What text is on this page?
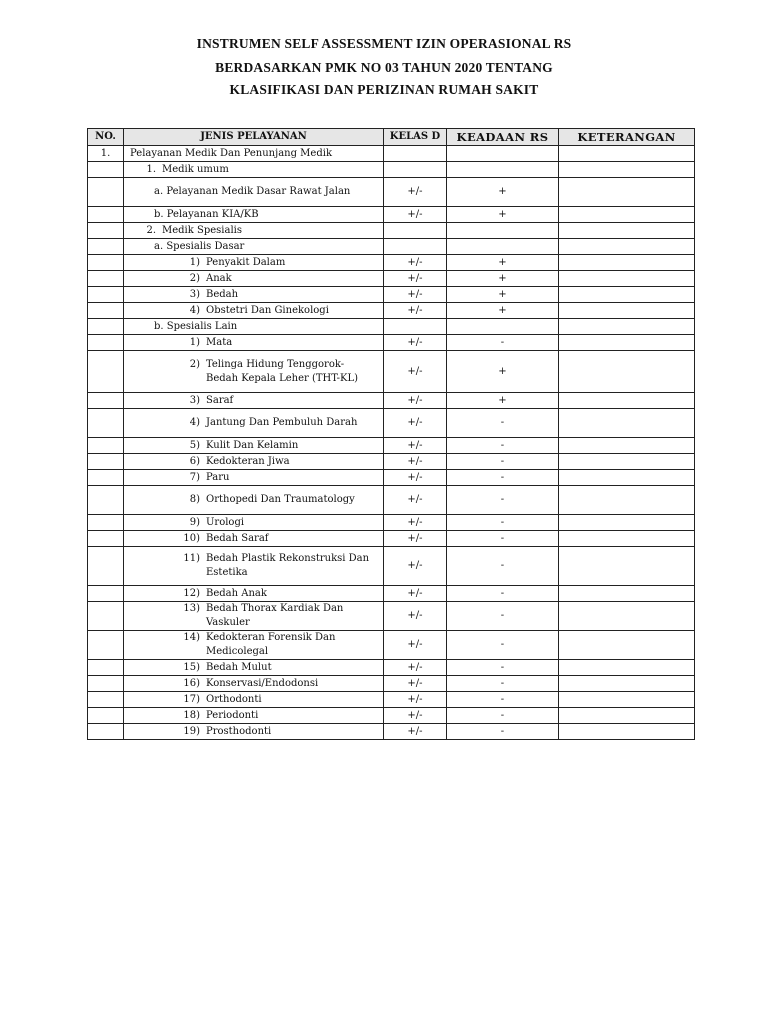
INSTRUMEN SELF ASSESSMENT IZIN OPERASIONAL RS
BERDASARKAN PMK NO 03 TAHUN 2020 TENTANG
KLASIFIKASI DAN PERIZINAN RUMAH SAKIT
NO.	JENIS PELAYANAN	KELAS D	KEADAAN RS	KETERANGAN
1.	Pelayanan Medik Dan Penunjang Medik			
	1. Medik umum			
	a. Pelayanan Medik Dasar Rawat Jalan	+/-	+	
	b. Pelayanan KIA/KB	+/-	+	
	2. Medik Spesialis			
	a. Spesialis Dasar			
	1) Penyakit Dalam	+/-	+	
	2) Anak	+/-	+	
	3) Bedah	+/-	+	
	4) Obstetri Dan Ginekologi	+/-	+	
	b. Spesialis Lain			
	1) Mata	+/-	-	
	2) Telinga Hidung Tenggorok-Bedah Kepala Leher (THT-KL)	+/-	+	
	3) Saraf	+/-	+	
	4) Jantung Dan Pembuluh Darah	+/-	-	
	5) Kulit Dan Kelamin	+/-	-	
	6) Kedokteran Jiwa	+/-	-	
	7) Paru	+/-	-	
	8) Orthopedi Dan Traumatology	+/-	-	
	9) Urologi	+/-	-	
	10) Bedah Saraf	+/-	-	
	11) Bedah Plastik Rekonstruksi Dan Estetika	+/-	-	
	12) Bedah Anak	+/-	-	
	13) Bedah Thorax Kardiak Dan Vaskuler	+/-	-	
	14) Kedokteran Forensik Dan Medicolegal	+/-	-	
	15) Bedah Mulut	+/-	-	
	16) Konservasi/Endodonsi	+/-	-	
	17) Orthodonti	+/-	-	
	18) Periodonti	+/-	-	
	19) Prosthodonti	+/-	-	
